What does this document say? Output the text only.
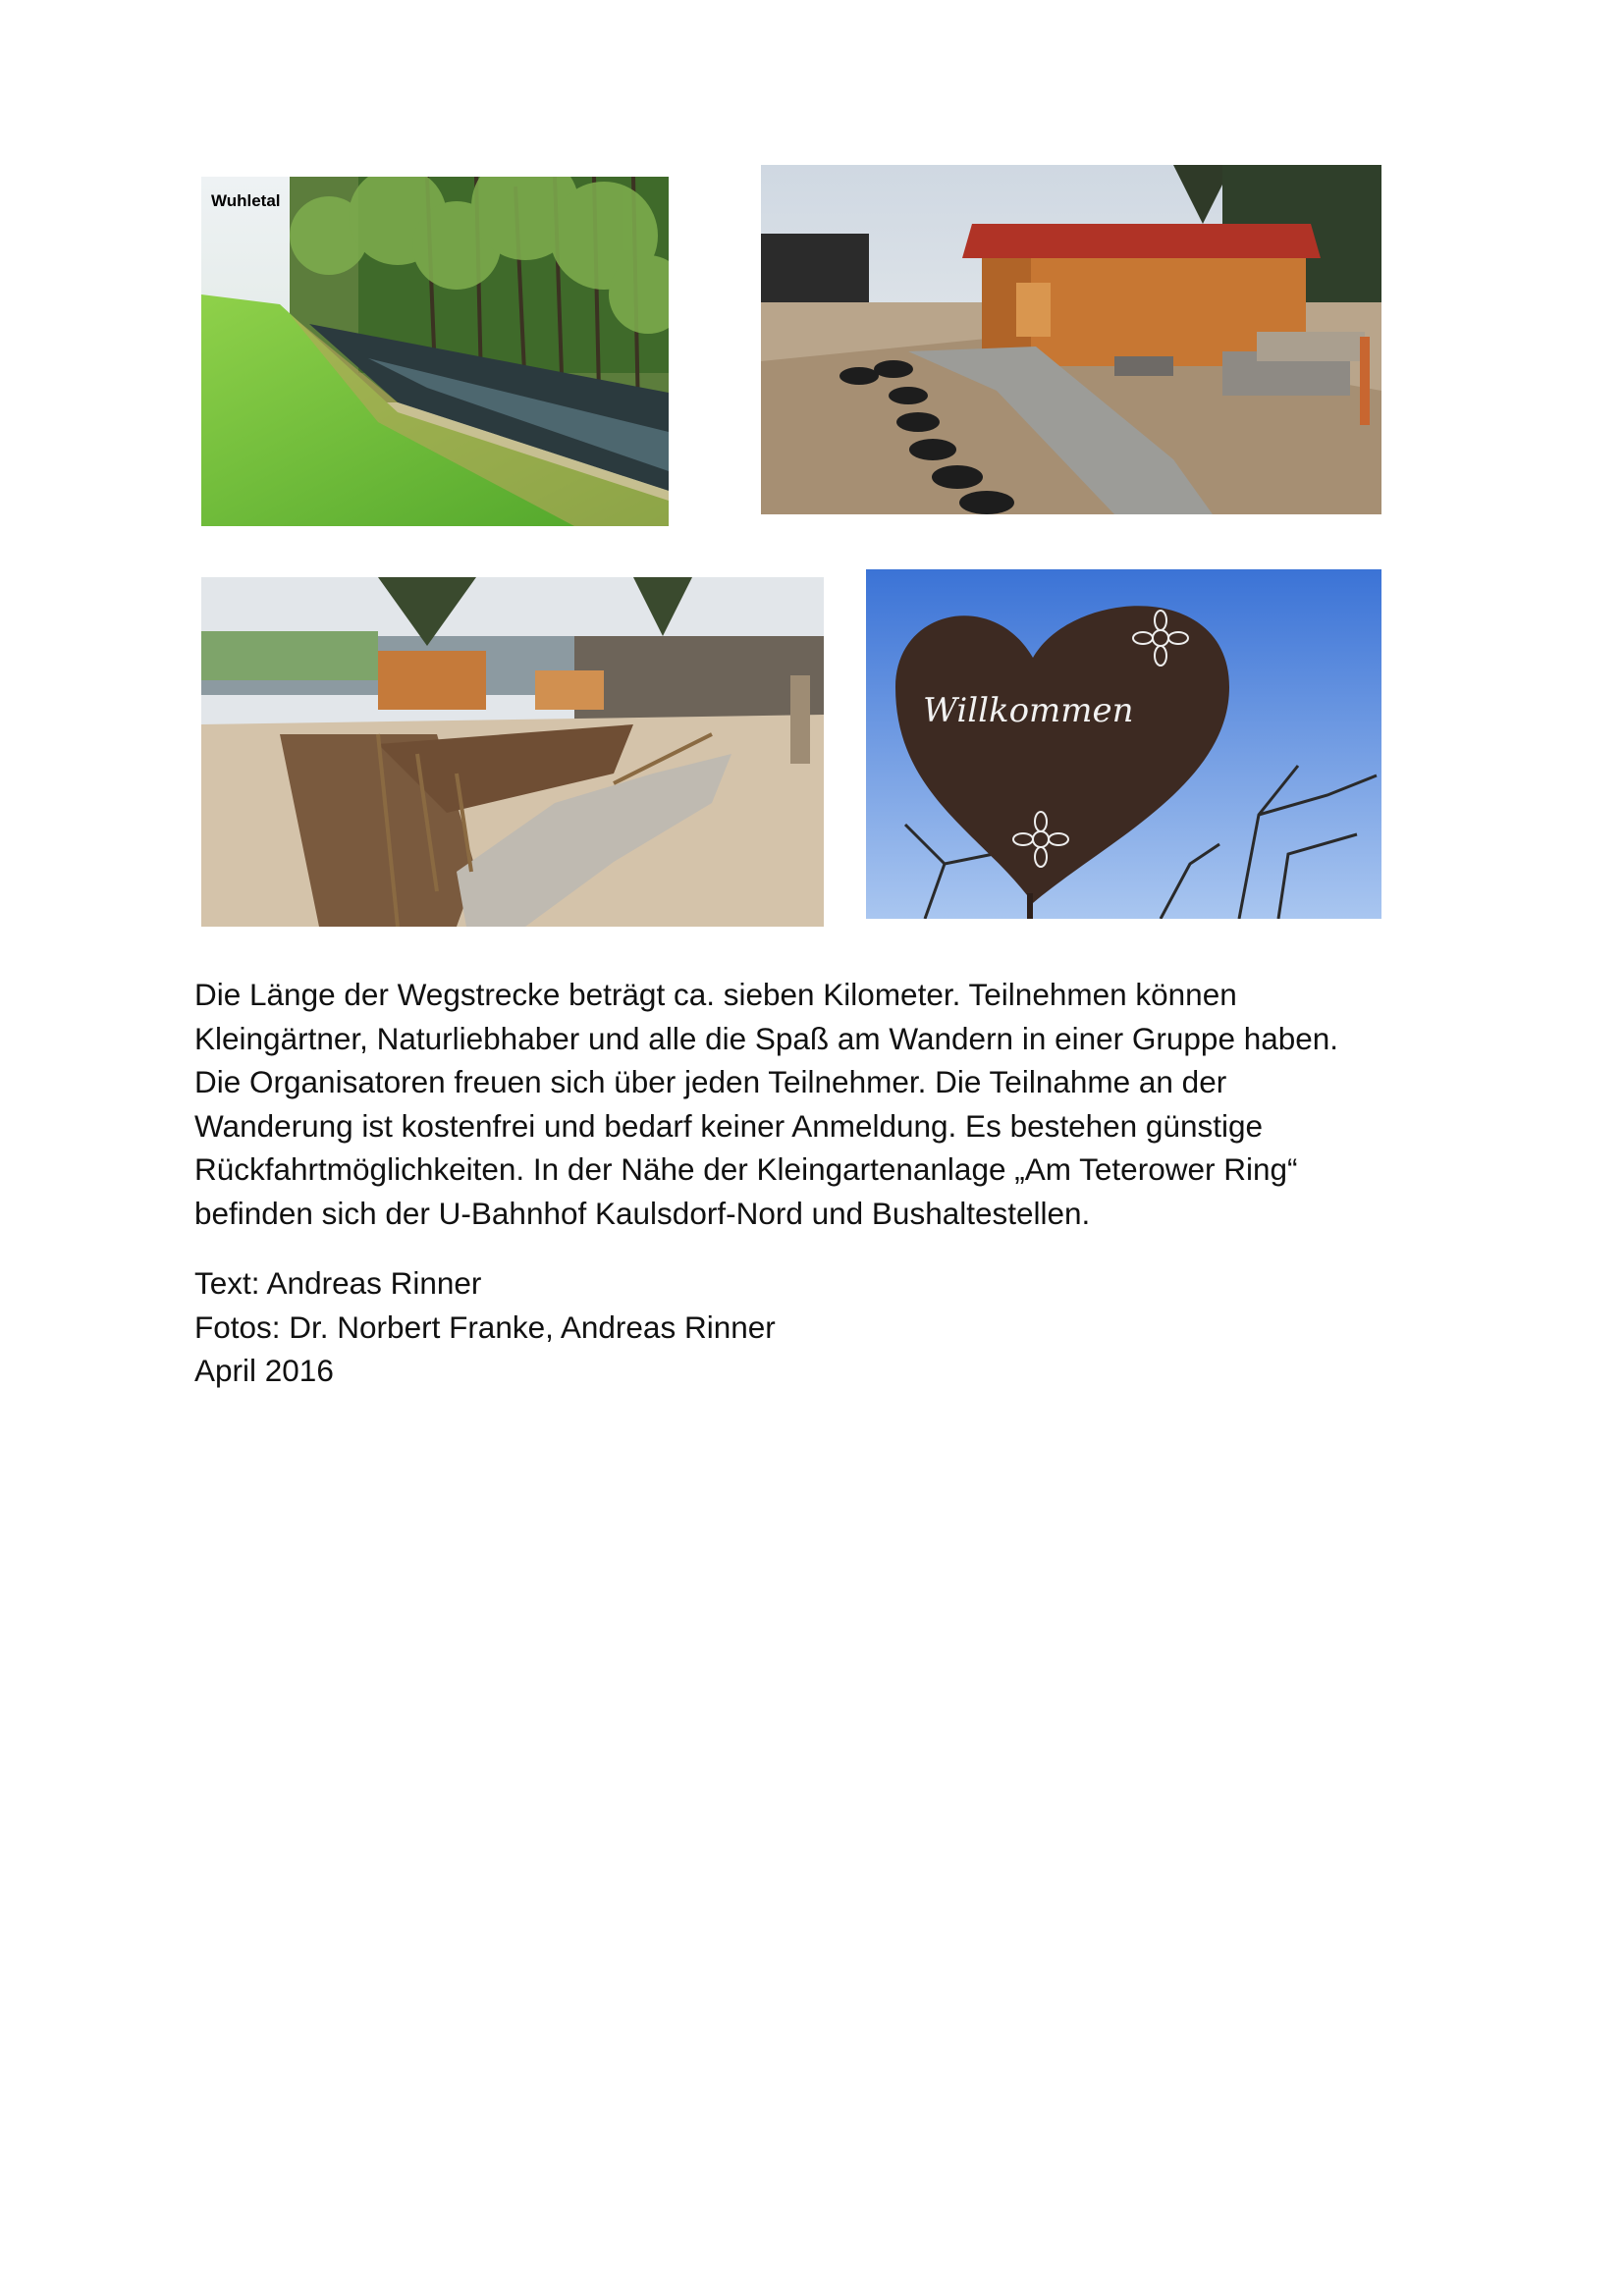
Wuhletal
Willkommen

Die Länge der Wegstrecke beträgt ca. sieben Kilometer. Teilnehmen können
Kleingärtner, Naturliebhaber und alle die Spaß am Wandern in einer Gruppe haben.
Die Organisatoren freuen sich über jeden Teilnehmer. Die Teilnahme an der
Wanderung ist kostenfrei und bedarf keiner Anmeldung. Es bestehen günstige
Rückfahrtmöglichkeiten. In der Nähe der Kleingartenanlage „Am Teterower Ring“
befinden sich der U-Bahnhof Kaulsdorf-Nord und Bushaltestellen.

Text: Andreas Rinner
Fotos: Dr. Norbert Franke, Andreas Rinner
April 2016
